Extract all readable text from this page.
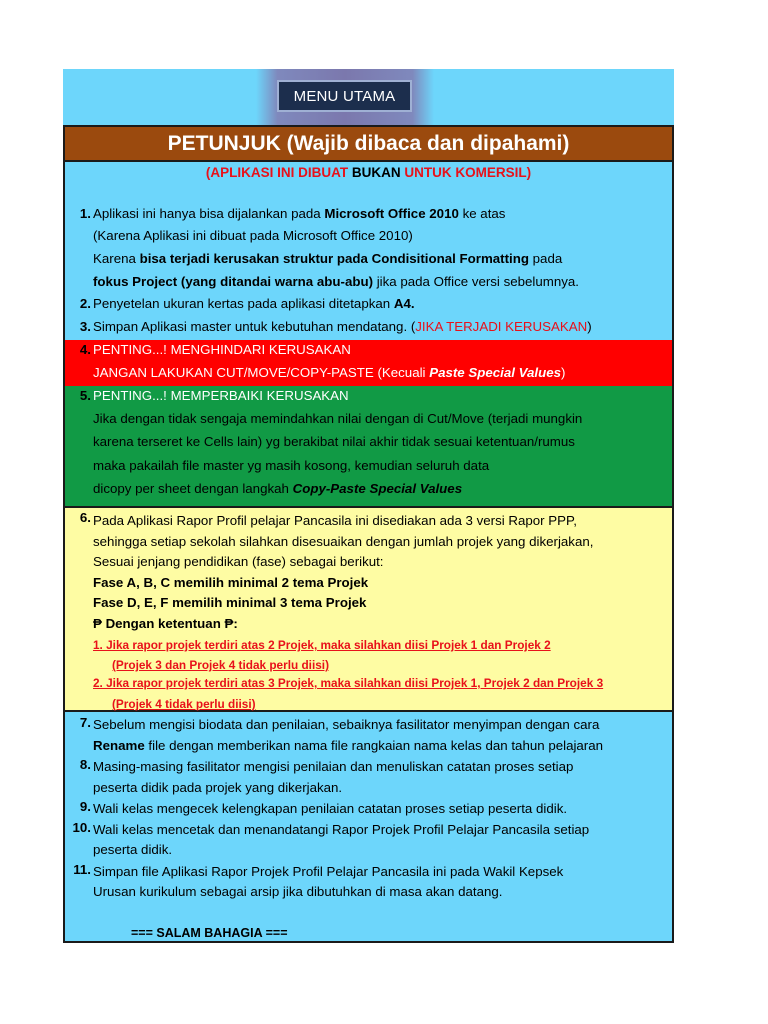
MENU UTAMA
PETUNJUK (Wajib dibaca dan dipahami)
(APLIKASI INI DIBUAT BUKAN UNTUK KOMERSIL)
1. Aplikasi ini hanya bisa dijalankan pada Microsoft Office 2010 ke atas
(Karena Aplikasi ini dibuat pada Microsoft Office 2010)
Karena bisa terjadi kerusakan struktur pada Condisitional Formatting pada
fokus Project (yang ditandai warna abu-abu) jika pada Office versi sebelumnya.
2. Penyetelan ukuran kertas pada aplikasi ditetapkan A4.
3. Simpan Aplikasi master untuk kebutuhan mendatang. (JIKA TERJADI KERUSAKAN)
4. PENTING...! MENGHINDARI KERUSAKAN
JANGAN LAKUKAN CUT/MOVE/COPY-PASTE (Kecuali Paste Special Values)
5. PENTING...! MEMPERBAIKI KERUSAKAN
Jika dengan tidak sengaja memindahkan nilai dengan di Cut/Move (terjadi mungkin
karena terseret ke Cells lain) yg berakibat nilai akhir tidak sesuai ketentuan/rumus
maka pakailah file master yg masih kosong, kemudian seluruh data
dicopy per sheet dengan langkah Copy-Paste Special Values
6. Pada Aplikasi Rapor Profil pelajar Pancasila ini disediakan ada 3 versi Rapor PPP,
sehingga setiap sekolah silahkan disesuaikan dengan jumlah projek yang dikerjakan,
Sesuai jenjang pendidikan (fase) sebagai berikut:
Fase A, B, C memilih minimal 2 tema Projek
Fase D, E, F memilih minimal 3 tema Projek
₱ Dengan ketentuan ₱:
1. Jika rapor projek terdiri atas 2 Projek, maka silahkan diisi Projek 1 dan Projek 2
(Projek 3 dan Projek 4 tidak perlu diisi)
2. Jika rapor projek terdiri atas 3 Projek, maka silahkan diisi Projek 1, Projek 2 dan Projek 3
(Projek 4 tidak perlu diisi)
7. Sebelum mengisi biodata dan penilaian, sebaiknya fasilitator menyimpan dengan cara
Rename file dengan memberikan nama file rangkaian nama kelas dan tahun pelajaran
8. Masing-masing fasilitator mengisi penilaian dan menuliskan catatan proses setiap
peserta didik pada projek yang dikerjakan.
9. Wali kelas mengecek kelengkapan penilaian catatan proses setiap peserta didik.
10. Wali kelas mencetak dan menandatangi Rapor Projek Profil Pelajar Pancasila setiap
peserta didik.
11. Simpan file Aplikasi Rapor Projek Profil Pelajar Pancasila ini pada Wakil Kepsek
Urusan kurikulum sebagai arsip jika dibutuhkan di masa akan datang.
=== SALAM BAHAGIA ===
